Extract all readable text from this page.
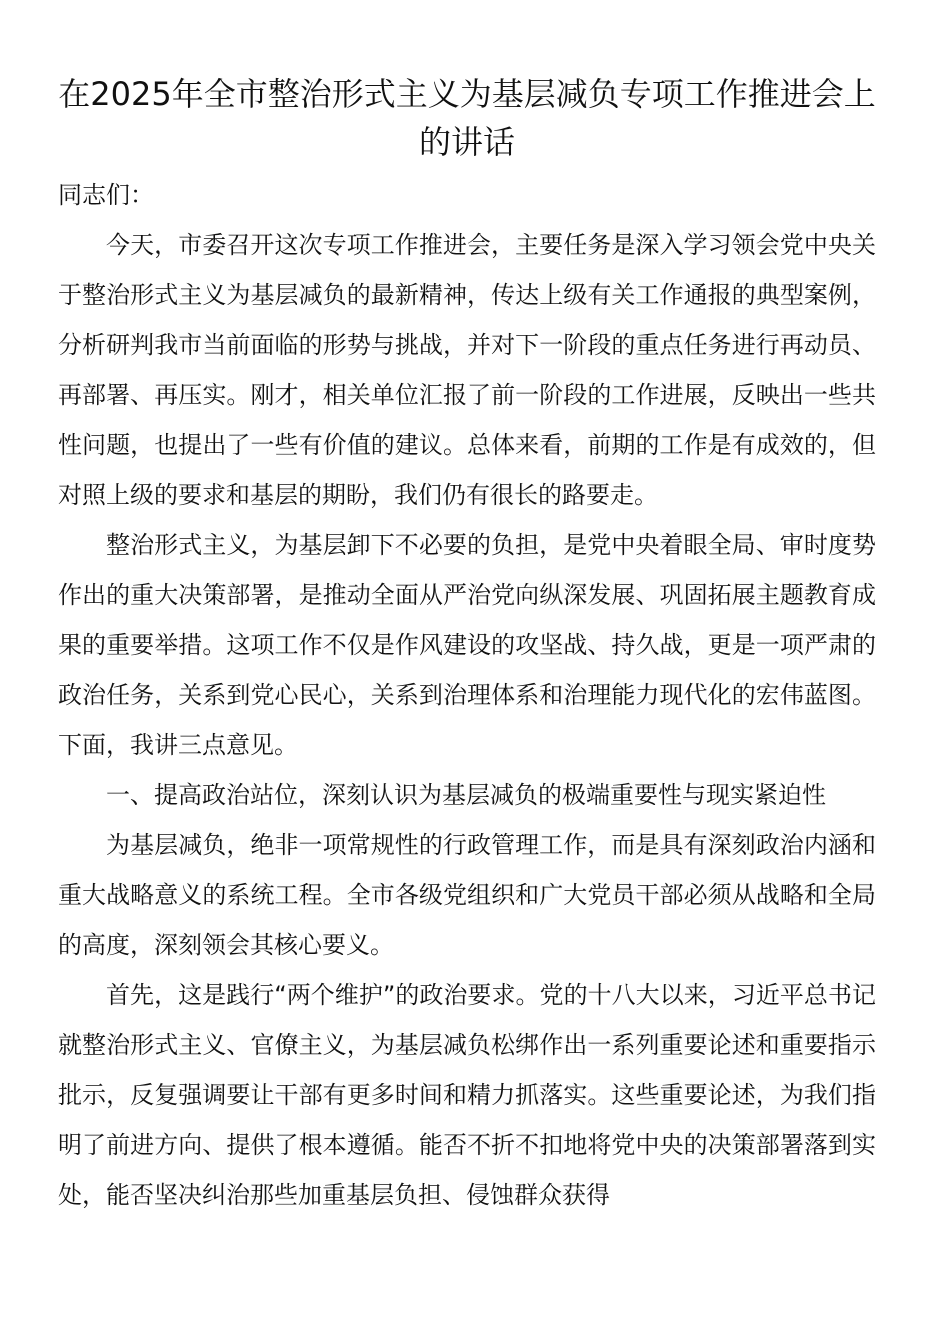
在2025年全市整治形式主义为基层减负专项工作推进会上的讲话

同志们：

今天，市委召开这次专项工作推进会，主要任务是深入学习领会党中央关于整治形式主义为基层减负的最新精神，传达上级有关工作通报的典型案例，分析研判我市当前面临的形势与挑战，并对下一阶段的重点任务进行再动员、再部署、再压实。刚才，相关单位汇报了前一阶段的工作进展，反映出一些共性问题，也提出了一些有价值的建议。总体来看，前期的工作是有成效的，但对照上级的要求和基层的期盼，我们仍有很长的路要走。

整治形式主义，为基层卸下不必要的负担，是党中央着眼全局、审时度势作出的重大决策部署，是推动全面从严治党向纵深发展、巩固拓展主题教育成果的重要举措。这项工作不仅是作风建设的攻坚战、持久战，更是一项严肃的政治任务，关系到党心民心，关系到治理体系和治理能力现代化的宏伟蓝图。下面，我讲三点意见。

一、提高政治站位，深刻认识为基层减负的极端重要性与现实紧迫性

为基层减负，绝非一项常规性的行政管理工作，而是具有深刻政治内涵和重大战略意义的系统工程。全市各级党组织和广大党员干部必须从战略和全局的高度，深刻领会其核心要义。

首先，这是践行“两个维护”的政治要求。党的十八大以来，习近平总书记就整治形式主义、官僚主义，为基层减负松绑作出一系列重要论述和重要指示批示，反复强调要让干部有更多时间和精力抓落实。这些重要论述，为我们指明了前进方向、提供了根本遵循。能否不折不扣地将党中央的决策部署落到实处，能否坚决纠治那些加重基层负担、侵蚀群众获得
